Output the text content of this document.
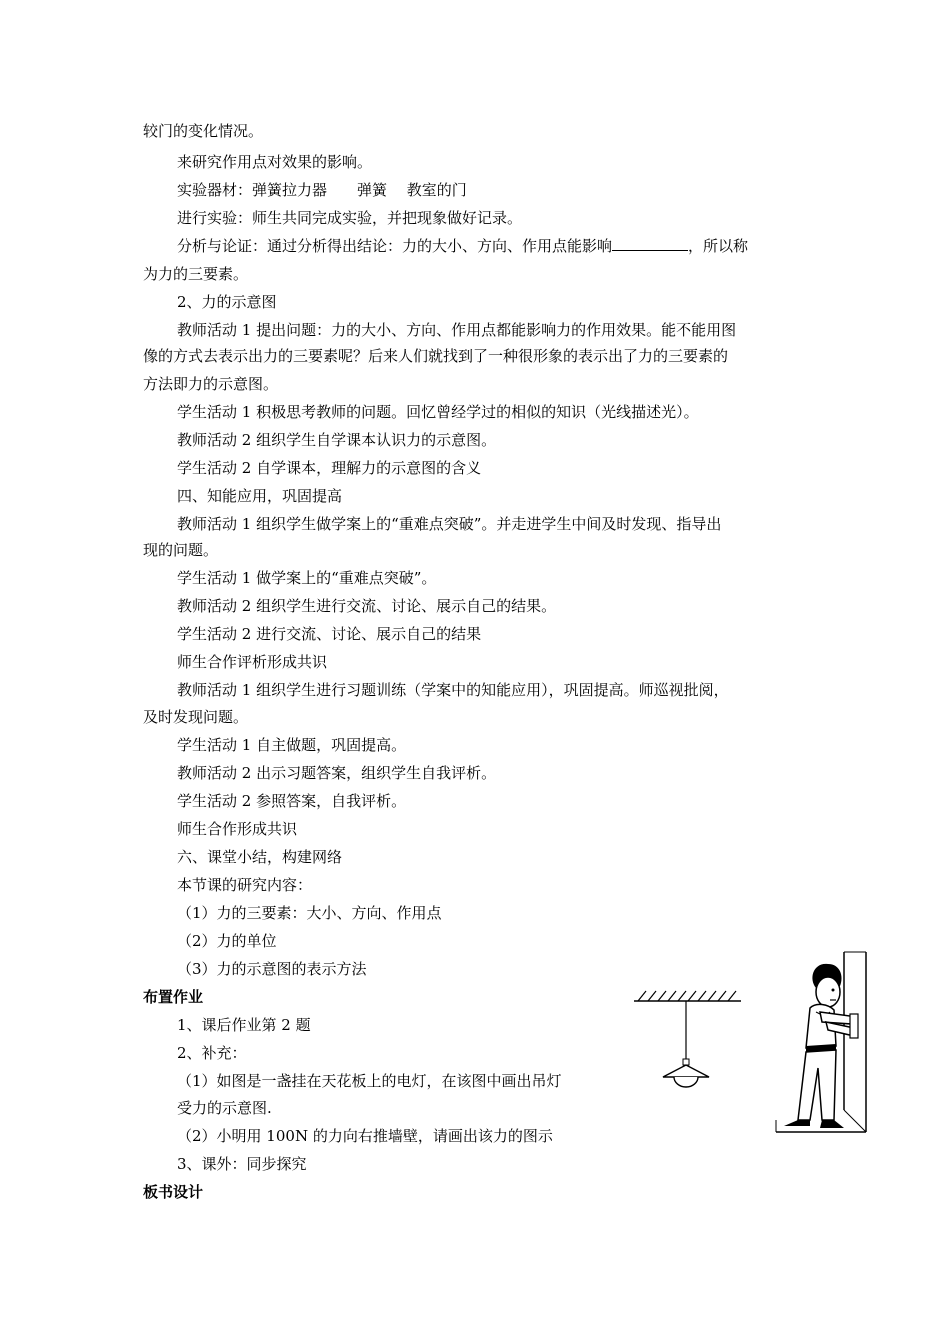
较门的变化情况。
来研究作用点对效果的影响。
实验器材：弹簧拉力器　　弹簧　 教室的门
进行实验：师生共同完成实验，并把现象做好记录。
分析与论证：通过分析得出结论：力的大小、方向、作用点能影响	，所以称
为力的三要素。
2、力的示意图
教师活动 1 提出问题：力的大小、方向、作用点都能影响力的作用效果。能不能用图
像的方式去表示出力的三要素呢？后来人们就找到了一种很形象的表示出了力的三要素的
方法即力的示意图。
学生活动 1 积极思考教师的问题。回忆曾经学过的相似的知识（光线描述光）。
教师活动 2 组织学生自学课本认识力的示意图。
学生活动 2 自学课本，理解力的示意图的含义
四、知能应用，巩固提高
教师活动 1 组织学生做学案上的“重难点突破”。并走进学生中间及时发现、指导出
现的问题。
学生活动 1 做学案上的“重难点突破”。
教师活动 2 组织学生进行交流、讨论、展示自己的结果。
学生活动 2 进行交流、讨论、展示自己的结果
师生合作评析形成共识
教师活动 1 组织学生进行习题训练（学案中的知能应用），巩固提高。师巡视批阅，
及时发现问题。
学生活动 1 自主做题，巩固提高。
教师活动 2 出示习题答案，组织学生自我评析。
学生活动 2 参照答案，自我评析。
师生合作形成共识
六、课堂小结，构建网络
本节课的研究内容：
（1）力的三要素：大小、方向、作用点
（2）力的单位
（3）力的示意图的表示方法
布置作业
1、课后作业第 2 题
2、补充：
（1）如图是一盏挂在天花板上的电灯，在该图中画出吊灯
受力的示意图.
（2）小明用 100N 的力向右推墙壁，请画出该力的图示
3、课外：同步探究
板书设计
